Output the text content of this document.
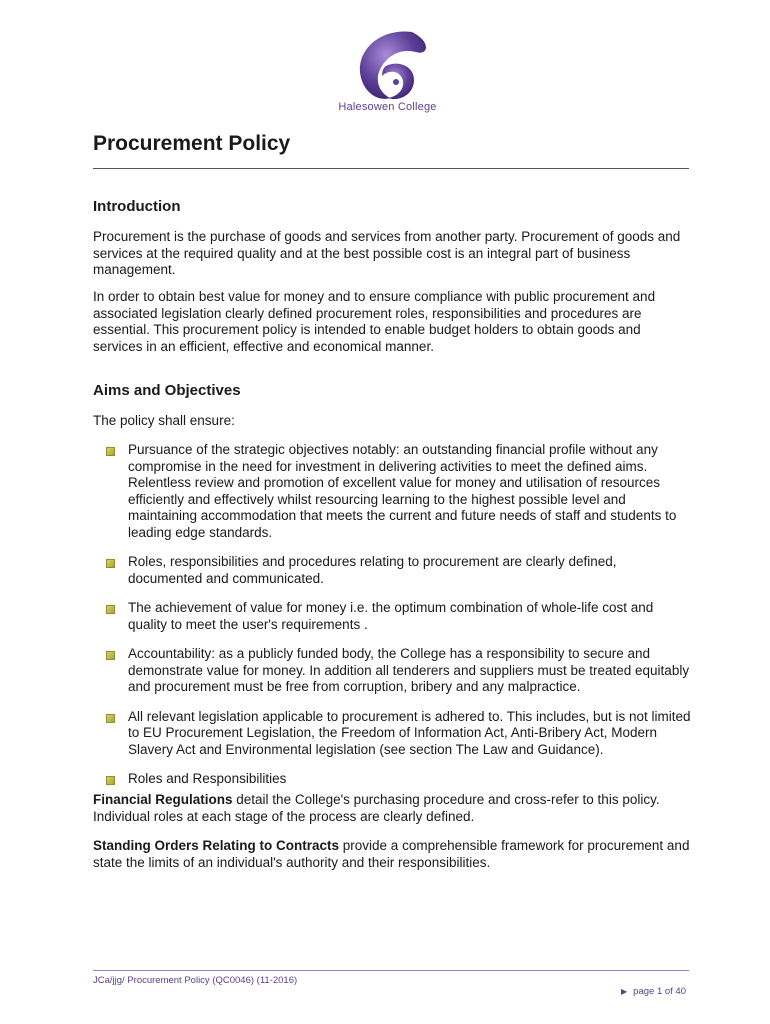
Halesowen College
Procurement Policy
Introduction

Procurement is the purchase of goods and services from another party. Procurement of goods and services at the required quality and at the best possible cost is an integral part of business management.

In order to obtain best value for money and to ensure compliance with public procurement and associated legislation clearly defined procurement roles, responsibilities and procedures are essential. This procurement policy is intended to enable budget holders to obtain goods and services in an efficient, effective and economical manner.

Aims and Objectives

The policy shall ensure:

Pursuance of the strategic objectives notably: an outstanding financial profile without any compromise in the need for investment in delivering activities to meet the defined aims. Relentless review and promotion of excellent value for money and utilisation of resources efficiently and effectively whilst resourcing learning to the highest possible level and maintaining accommodation that meets the current and future needs of staff and students to leading edge standards.
Roles, responsibilities and procedures relating to procurement are clearly defined, documented and communicated.
The achievement of value for money i.e. the optimum combination of whole-life cost and quality to meet the user's requirements .
Accountability: as a publicly funded body, the College has a responsibility to secure and demonstrate value for money. In addition all tenderers and suppliers must be treated equitably and procurement must be free from corruption, bribery and any malpractice.
All relevant legislation applicable to procurement is adhered to. This includes, but is not limited to EU Procurement Legislation, the Freedom of Information Act, Anti-Bribery Act, Modern Slavery Act and Environmental legislation (see section The Law and Guidance).
Roles and Responsibilities

Financial Regulations detail the College's purchasing procedure and cross-refer to this policy. Individual roles at each stage of the process are clearly defined.

Standing Orders Relating to Contracts provide a comprehensible framework for procurement and state the limits of an individual's authority and their responsibilities.

JCa/jjg/ Procurement Policy (QC0046) (11-2016)
▶ page 1 of 40
